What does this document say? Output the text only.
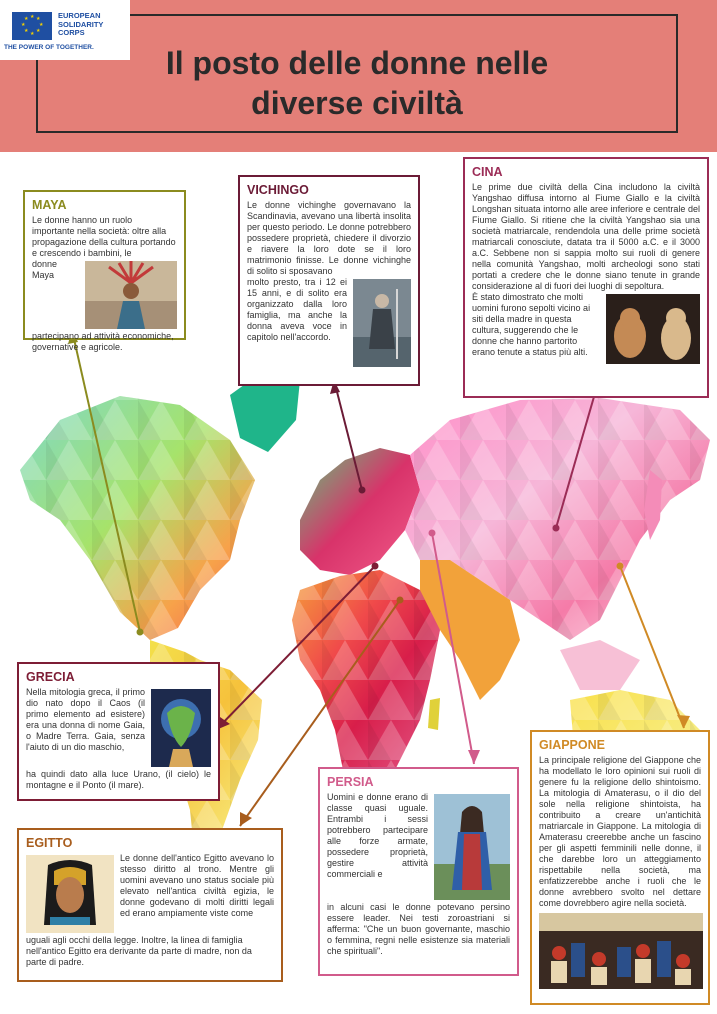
Il posto delle donne nelle
diverse civiltà
★ ★
★
★
★
★
★
★	EUROPEAN
SOLIDARITY
CORPS
THE POWER OF TOGETHER.
MAYA

Le donne hanno un ruolo importante nella società: oltre alla propagazione della cultura portando e crescendo i bambini, le

donne Maya partecipano ad attività economiche, governative e agricole.

VICHINGO

Le donne vichinghe governavano la Scandinavia, avevano una libertà insolita per questo periodo. Le donne potrebbero possedere proprietà, chiedere il divorzio e riavere la loro dote se il loro matrimonio finisse. Le donne vichinghe di solito si sposavano

molto presto, tra i 12 ei 15 anni, e di solito era organizzato dalla loro famiglia, ma anche la donna aveva voce in capitolo nell'accordo.

CINA

Le prime due civiltà della Cina includono la civiltà Yangshao diffusa intorno al Fiume Giallo e la civiltà Longshan situata intorno alle aree inferiore e centrale del Fiume Giallo. Si ritiene che la civiltà Yangshao sia una società matriarcale, rendendola una delle prime società matriarcali conosciute, datata tra il 5000 a.C. e il 3000 a.C. Sebbene non si sappia molto sui ruoli di genere nella comunità Yangshao, molti archeologi sono stati portati a credere che le donne siano tenute in grande considerazione al di fuori dei luoghi di sepoltura.

È stato dimostrato che molti uomini furono sepolti vicino ai siti della madre in questa cultura, suggerendo che le donne che hanno partorito erano tenute a status più alti.

GRECIA

Nella mitologia greca, il primo dio nato dopo il Caos (il primo elemento ad esistere) era una donna di nome Gaia, o Madre Terra. Gaia, senza l'aiuto di un dio maschio,

ha quindi dato alla luce Urano, (il cielo) le montagne e il Ponto (il mare).

EGITTO

Le donne dell'antico Egitto avevano lo stesso diritto al trono. Mentre gli uomini avevano uno status sociale più elevato nell'antica civiltà egizia, le donne godevano di molti diritti legali ed erano ampiamente viste come

uguali agli occhi della legge. Inoltre, la linea di famiglia nell'antico Egitto era derivante da parte di madre, non da parte di padre.

PERSIA

Uomini e donne erano di classe quasi uguale. Entrambi i sessi potrebbero partecipare alle forze armate, possedere proprietà, gestire attività commerciali e

in alcuni casi le donne potevano persino essere leader. Nei testi zoroastriani si afferma: "Che un buon governante, maschio o femmina, regni nelle esistenze sia materiali che spirituali".

GIAPPONE

La principale religione del Giappone che ha modellato le loro opinioni sui ruoli di genere fu la religione dello shintoismo. La mitologia di Amaterasu, o il dio del sole nella religione shintoista, ha contribuito a creare un'antichità matriarcale in Giappone. La mitologia di Amaterasu creerebbe anche un fascino per gli aspetti femminili nelle donne, il che darebbe loro un atteggiamento rispettabile nella società, ma enfatizzerebbe anche i ruoli che le donne avrebbero svolto nel dettare come dovrebbero agire nella società.
